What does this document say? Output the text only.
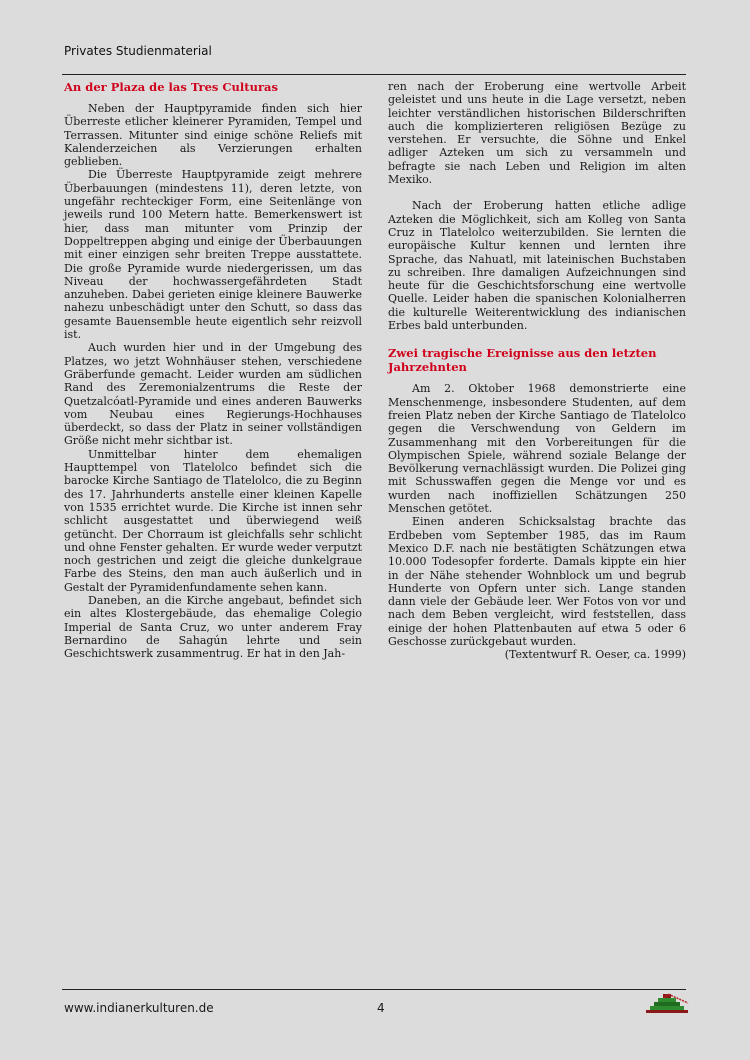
Privates Studienmaterial
An der Plaza de las Tres Culturas

Neben der Hauptpyramide finden sich hier Überreste etlicher kleinerer Pyramiden, Tempel und Terrassen. Mitunter sind einige schöne Reliefs mit Kalenderzeichen als Verzierungen erhalten geblieben.

Die Überreste Hauptpyramide zeigt mehrere Überbauungen (mindestens 11), deren letzte, von ungefähr rechteckiger Form, eine Seitenlänge von jeweils rund 100 Metern hatte. Bemerkenswert ist hier, dass man mitunter vom Prinzip der Doppeltreppen abging und einige der Überbauungen mit einer einzigen sehr breiten Treppe ausstattete. Die große Pyramide wurde niedergerissen, um das Niveau der hochwassergefährdeten Stadt anzuheben. Dabei gerieten einige kleinere Bauwerke nahezu unbeschädigt unter den Schutt, so dass das gesamte Bauensemble heute eigentlich sehr reizvoll ist.

Auch wurden hier und in der Umgebung des Platzes, wo jetzt Wohnhäuser stehen, verschiedene Gräberfunde gemacht. Leider wurden am südlichen Rand des Zeremonialzentrums die Reste der Quetzalcóatl-Pyramide und eines anderen Bauwerks vom Neubau eines Regierungs-Hochhauses überdeckt, so dass der Platz in seiner vollständigen Größe nicht mehr sichtbar ist.

Unmittelbar hinter dem ehemaligen Haupttempel von Tlatelolco befindet sich die barocke Kirche Santiago de Tlatelolco, die zu Beginn des 17. Jahrhunderts anstelle einer kleinen Kapelle von 1535 errichtet wurde. Die Kirche ist innen sehr schlicht ausgestattet und überwiegend weiß getüncht. Der Chorraum ist gleichfalls sehr schlicht und ohne Fenster gehalten. Er wurde weder verputzt noch gestrichen und zeigt die gleiche dunkelgraue Farbe des Steins, den man auch äußerlich und in Gestalt der Pyramidenfundamente sehen kann.

Daneben, an die Kirche angebaut, befindet sich ein altes Klostergebäude, das ehemalige Colegio Imperial de Santa Cruz, wo unter anderem Fray Bernardino de Sahagún lehrte und sein Geschichtswerk zusammentrug. Er hat in den Jah-

ren nach der Eroberung eine wertvolle Arbeit geleistet und uns heute in die Lage versetzt, neben leichter verständlichen historischen Bilderschriften auch die komplizierteren religiösen Bezüge zu verstehen. Er versuchte, die Söhne und Enkel adliger Azteken um sich zu versammeln und befragte sie nach Leben und Religion im alten Mexiko.

Nach der Eroberung hatten etliche adlige Azteken die Möglichkeit, sich am Kolleg von Santa Cruz in Tlatelolco weiterzubilden. Sie lernten die europäische Kultur kennen und lernten ihre Sprache, das Nahuatl, mit lateinischen Buchstaben zu schreiben. Ihre damaligen Aufzeichnungen sind heute für die Geschichtsforschung eine wertvolle Quelle. Leider haben die spanischen Kolonialherren die kulturelle Weiterentwicklung des indianischen Erbes bald unterbunden.

Zwei tragische Ereignisse aus den letzten Jahrzehnten

Am 2. Oktober 1968 demonstrierte eine Menschenmenge, insbesondere Studenten, auf dem freien Platz neben der Kirche Santiago de Tlatelolco gegen die Verschwendung von Geldern im Zusammenhang mit den Vorbereitungen für die Olympischen Spiele, während soziale Belange der Bevölkerung vernachlässigt wurden. Die Polizei ging mit Schusswaffen gegen die Menge vor und es wurden nach inoffiziellen Schätzungen 250 Menschen getötet.

Einen anderen Schicksalstag brachte das Erdbeben vom September 1985, das im Raum Mexico D.F. nach nie bestätigten Schätzungen etwa 10.000 Todesopfer forderte. Damals kippte ein hier in der Nähe stehender Wohnblock um und begrub Hunderte von Opfern unter sich. Lange standen dann viele der Gebäude leer. Wer Fotos von vor und nach dem Beben vergleicht, wird feststellen, dass einige der hohen Plattenbauten auf etwa 5 oder 6 Geschosse zurückgebaut wurden.
(Textentwurf R. Oeser, ca. 1999)

www.indianerkulturen.de	4
